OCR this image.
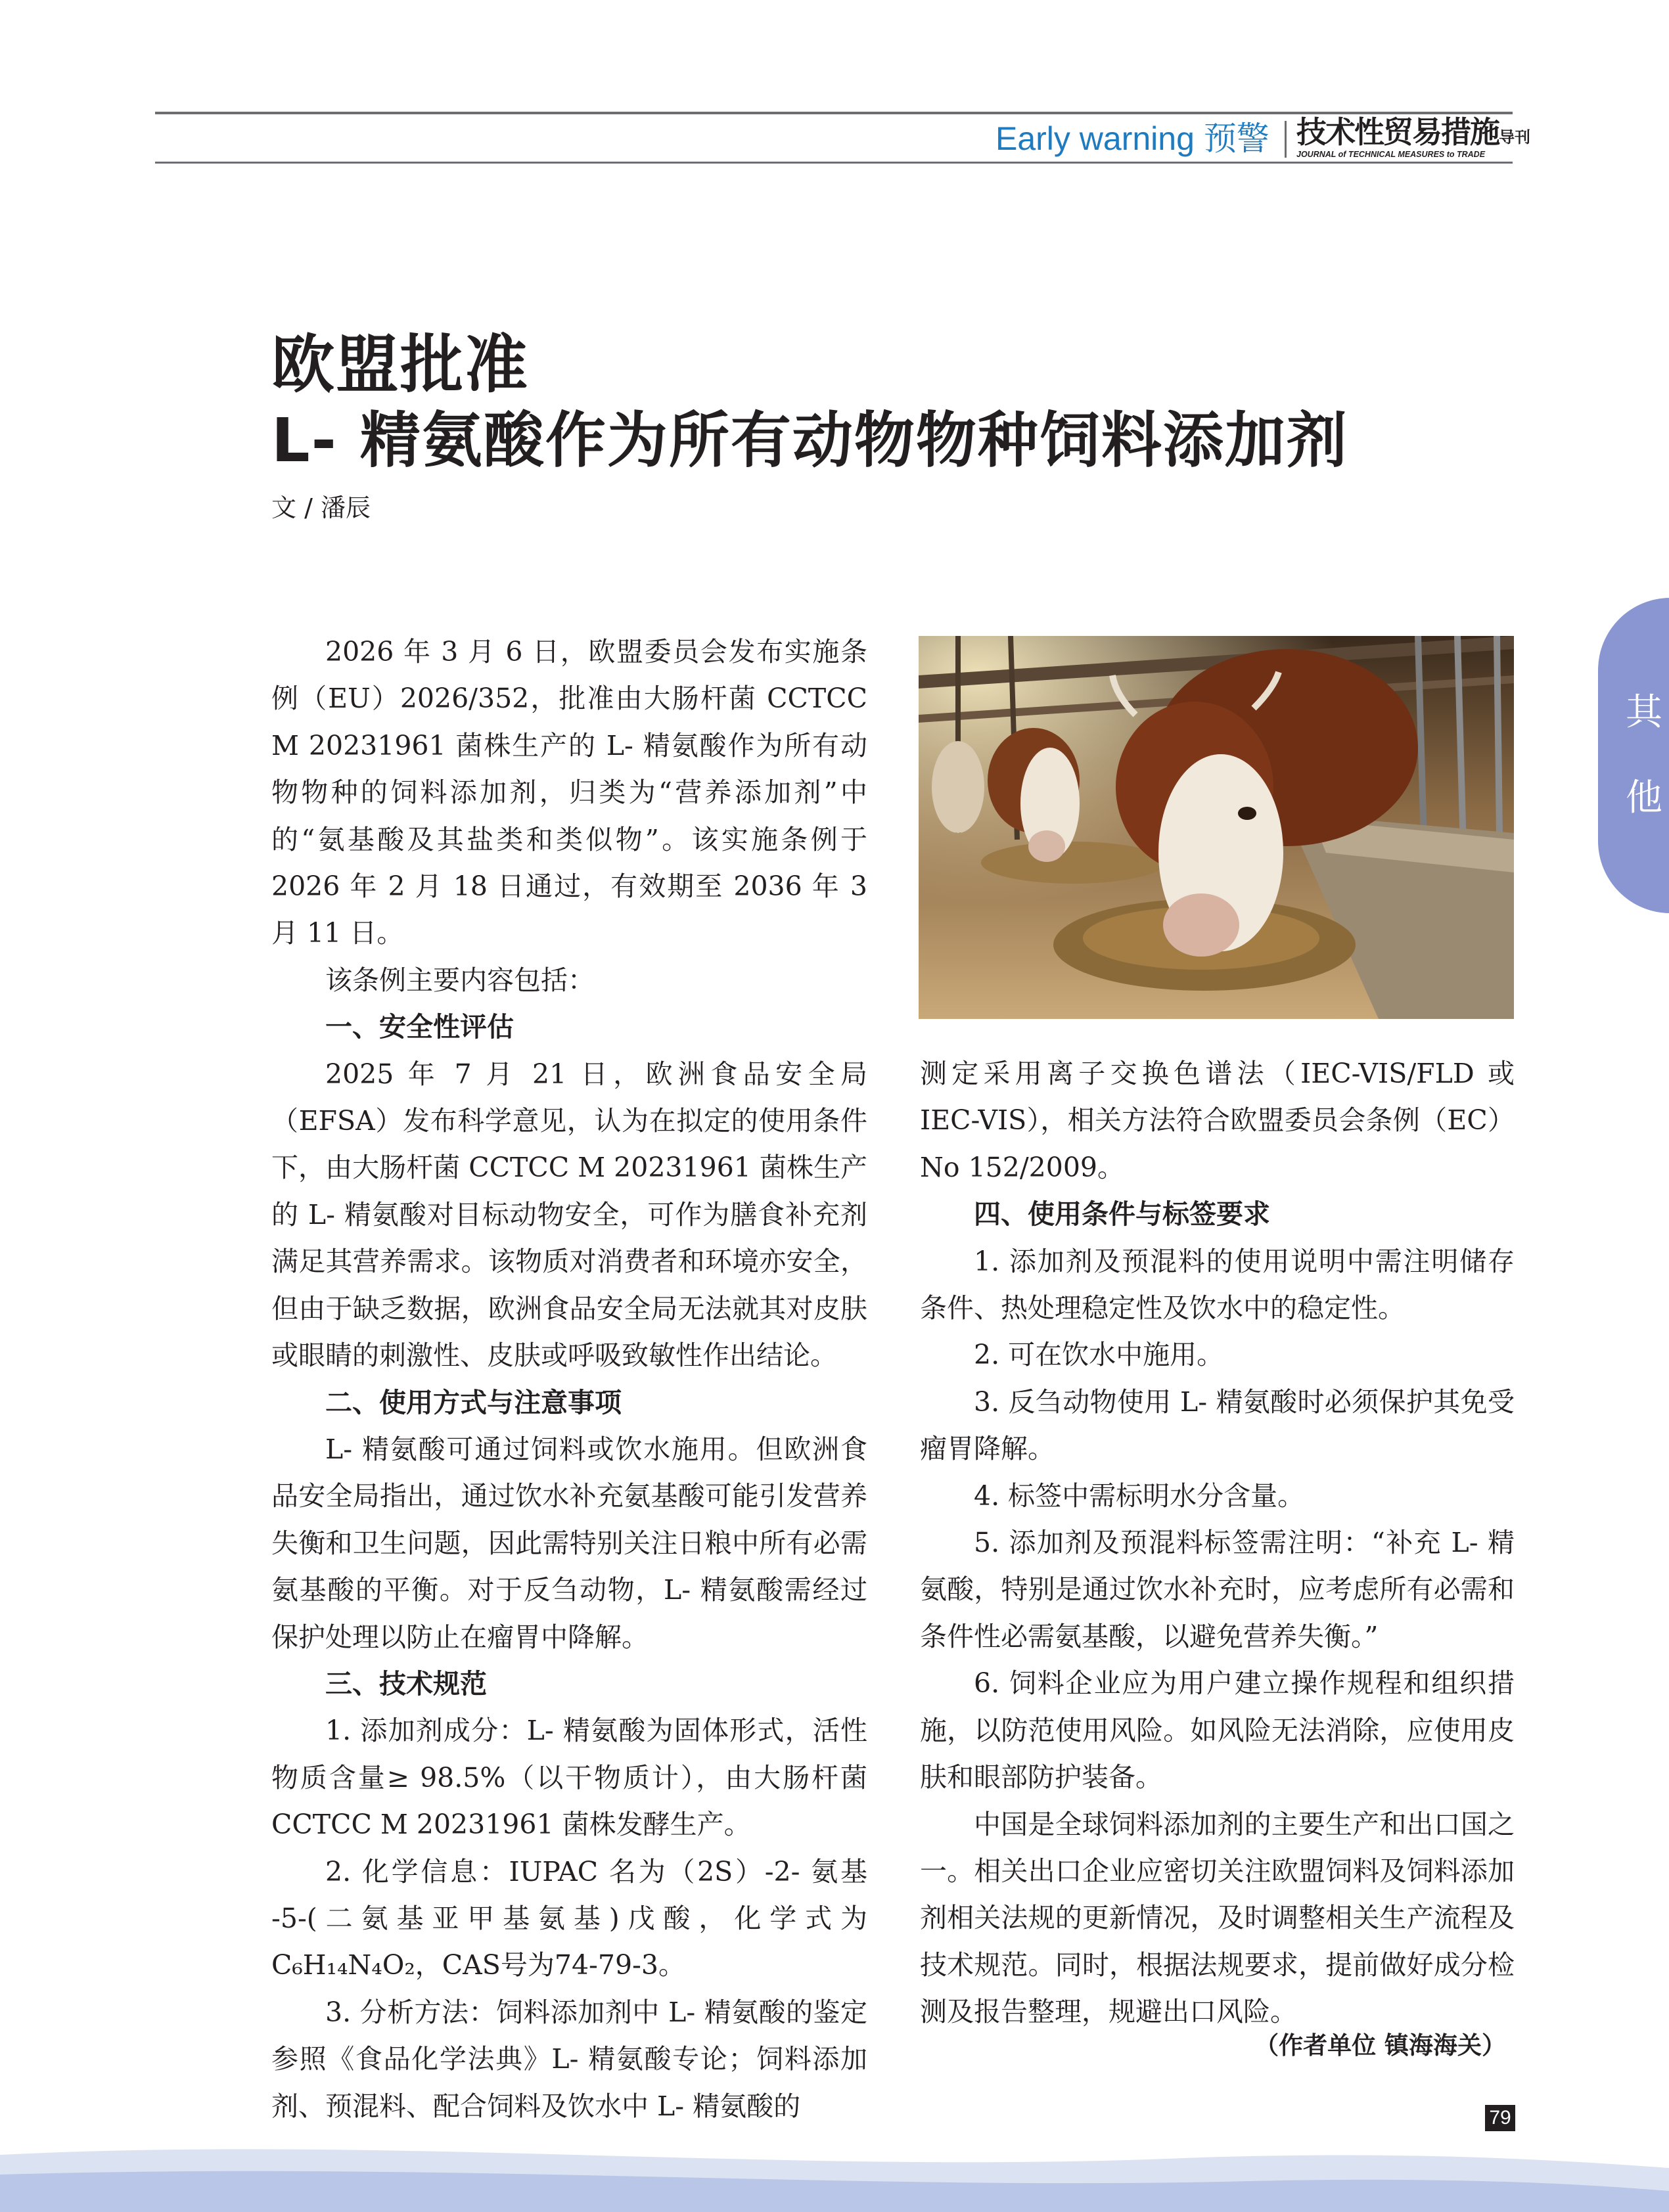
Early warning 预警 技术性贸易措施导刊
JOURNAL of TECHNICAL MEASURES to TRADE
欧盟批准
L- 精氨酸作为所有动物物种饲料添加剂
文 / 潘辰
其
他

2026 年 3 月 6 日，欧盟委员会发布实施条例（EU）2026/352，批准由大肠杆菌 CCTCC M 20231961 菌株生产的 L- 精氨酸作为所有动物物种的饲料添加剂，归类为“营养添加剂”中的“氨基酸及其盐类和类似物”。该实施条例于 2026 年 2 月 18 日通过，有效期至 2036 年 3 月 11 日。

该条例主要内容包括：

一、安全性评估

2025 年 7 月 21 日，欧洲食品安全局（EFSA）发布科学意见，认为在拟定的使用条件下，由大肠杆菌 CCTCC M 20231961 菌株生产的 L- 精氨酸对目标动物安全，可作为膳食补充剂满足其营养需求。该物质对消费者和环境亦安全，但由于缺乏数据，欧洲食品安全局无法就其对皮肤或眼睛的刺激性、皮肤或呼吸致敏性作出结论。

二、使用方式与注意事项

L- 精氨酸可通过饲料或饮水施用。但欧洲食品安全局指出，通过饮水补充氨基酸可能引发营养失衡和卫生问题，因此需特别关注日粮中所有必需氨基酸的平衡。对于反刍动物，L- 精氨酸需经过保护处理以防止在瘤胃中降解。

三、技术规范

1. 添加剂成分：L- 精氨酸为固体形式，活性物质含量≥ 98.5%（以干物质计），由大肠杆菌 CCTCC M 20231961 菌株发酵生产。

2. 化学信息：IUPAC 名为（2S）-2- 氨基 -5-(二氨基亚甲基氨基)戊酸，化学式为C₆H₁₄N₄O₂，CAS号为74-79-3。

3. 分析方法：饲料添加剂中 L- 精氨酸的鉴定参照《食品化学法典》L- 精氨酸专论；饲料添加剂、预混料、配合饲料及饮水中 L- 精氨酸的

测定采用离子交换色谱法（IEC-VIS/FLD 或 IEC-VIS），相关方法符合欧盟委员会条例（EC）No 152/2009。

四、使用条件与标签要求

1. 添加剂及预混料的使用说明中需注明储存条件、热处理稳定性及饮水中的稳定性。

2. 可在饮水中施用。

3. 反刍动物使用 L- 精氨酸时必须保护其免受瘤胃降解。

4. 标签中需标明水分含量。

5. 添加剂及预混料标签需注明：“补充 L- 精氨酸，特别是通过饮水补充时，应考虑所有必需和条件性必需氨基酸，以避免营养失衡。”

6. 饲料企业应为用户建立操作规程和组织措施，以防范使用风险。如风险无法消除，应使用皮肤和眼部防护装备。

中国是全球饲料添加剂的主要生产和出口国之一。相关出口企业应密切关注欧盟饲料及饲料添加剂相关法规的更新情况，及时调整相关生产流程及技术规范。同时，根据法规要求，提前做好成分检测及报告整理，规避出口风险。

（作者单位 镇海海关）
79
